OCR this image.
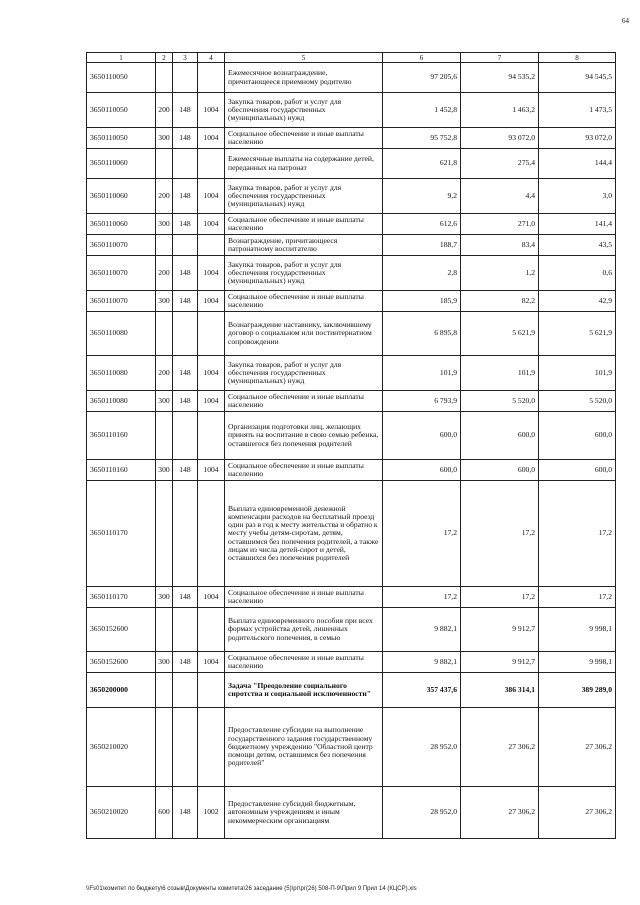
64
1	2	3	4	5	6	7	8
3650110050				Ежемесячное вознаграждение, причитающееся приемному родителю	97 205,6	94 535,2	94 545,5
3650110050	200	148	1004	Закупка товаров, работ и услуг для обеспечения государственных (муниципальных) нужд	1 452,8	1 463,2	1 473,5
3650110050	300	148	1004	Социальное обеспечение и иные выплаты населению	95 752,8	93 072,0	93 072,0
3650110060				Ежемесячные выплаты на содержание детей, переданных на патронат	621,8	275,4	144,4
3650110060	200	148	1004	Закупка товаров, работ и услуг для обеспечения государственных (муниципальных) нужд	9,2	4,4	3,0
3650110060	300	148	1004	Социальное обеспечение и иные выплаты населению	612,6	271,0	141,4
3650110070				Вознаграждение, причитающееся патронатному воспитателю	188,7	83,4	43,5
3650110070	200	148	1004	Закупка товаров, работ и услуг для обеспечения государственных (муниципальных) нужд	2,8	1,2	0,6
3650110070	300	148	1004	Социальное обеспечение и иные выплаты населению	185,9	82,2	42,9
3650110080				Вознаграждение наставнику, заключившему договор о социальном или постинтернатном сопровождении	6 895,8	5 621,9	5 621,9
3650110080	200	148	1004	Закупка товаров, работ и услуг для обеспечения государственных (муниципальных) нужд	101,9	101,9	101,9
3650110080	300	148	1004	Социальное обеспечение и иные выплаты населению	6 793,9	5 520,0	5 520,0
3650110160				Организация подготовки лиц, желающих принять на воспитание в свою семью ребенка, оставшегося без попечения родителей	600,0	600,0	600,0
3650110160	300	148	1004	Социальное обеспечение и иные выплаты населению	600,0	600,0	600,0
3650110170				Выплата единовременной денежной компенсации расходов на бесплатный проезд один раз в год к месту жительства и обратно к месту учебы детям-сиротам, детям, оставшимся без попечения родителей, а также лицам из числа детей-сирот и детей, оставшихся без попечения родителей	17,2	17,2	17,2
3650110170	300	148	1004	Социальное обеспечение и иные выплаты населению	17,2	17,2	17,2
3650152600				Выплата единовременного пособия при всех формах устройства детей, лишенных родительского попечения, в семью	9 882,1	9 912,7	9 998,1
3650152600	300	148	1004	Социальное обеспечение и иные выплаты населению	9 882,1	9 912,7	9 998,1
3650200000				Задача "Преодоление социального сиротства и социальной исключенности"	357 437,6	386 314,1	389 289,0
3650210020				Предоставление субсидии на выполнение государственного задания государственному бюджетному учреждению "Областной центр помощи детям, оставшимся без попечения родителей"	28 952,0	27 306,2	27 306,2
3650210020	600	148	1002	Предоставление субсидий бюджетным, автономным учреждениям и иным некоммерческим организациям	28 952,0	27 306,2	27 306,2
\\Fs01\комитет по бюджету\6 созыв\Документы комитета\26 заседание (5)\рг\рг(26) 508-П-9\Прил 9 Прил 14 (КЦСР).xls
